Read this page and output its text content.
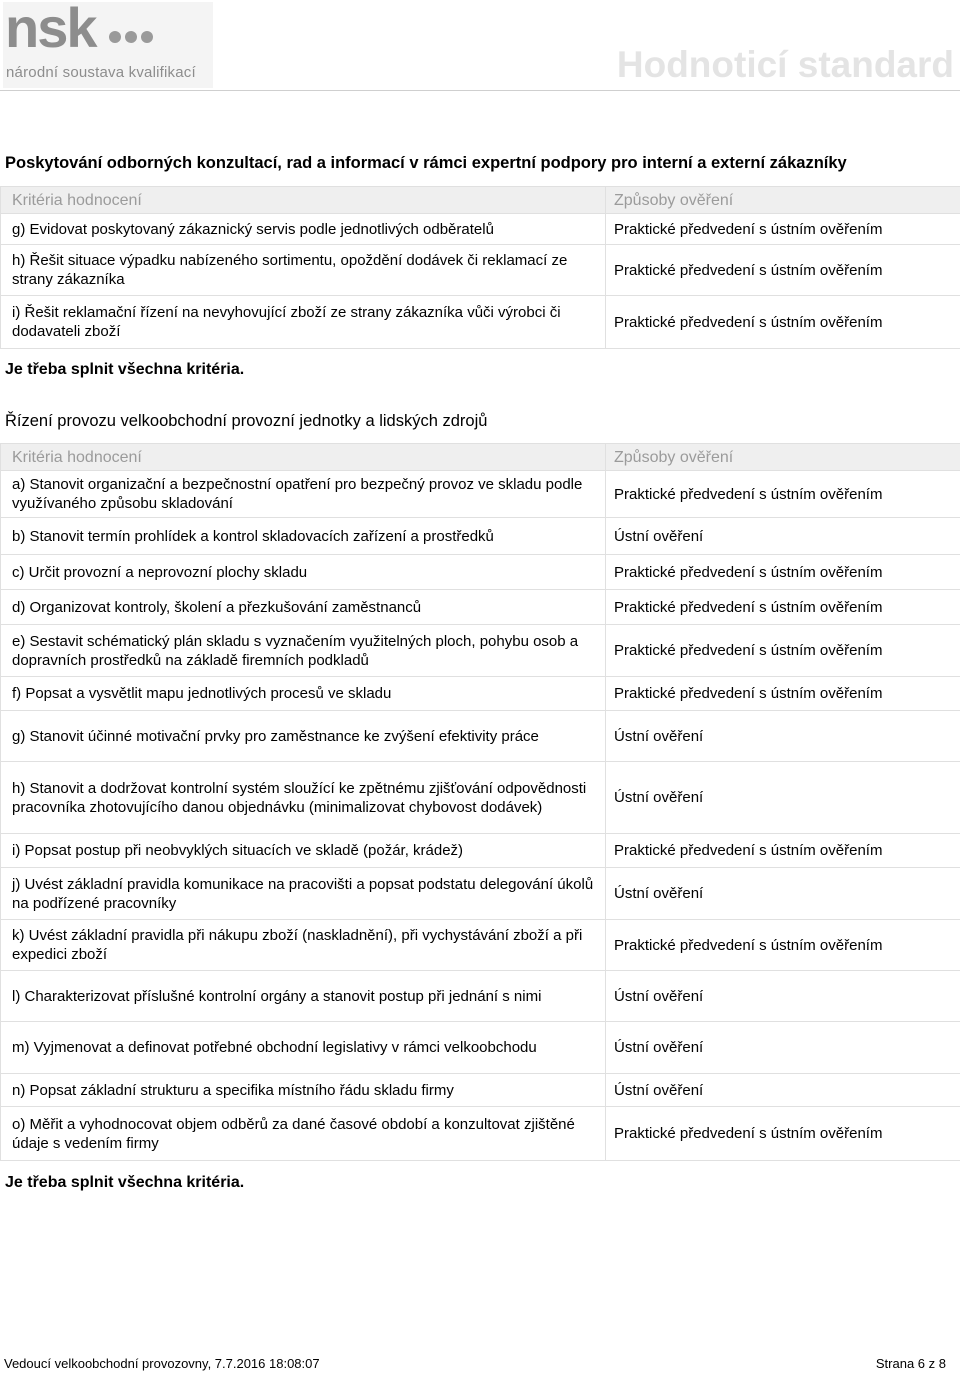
nsk
národní soustava kvalifikací	Hodnoticí standard
Poskytování odborných konzultací, rad a informací v rámci expertní podpory pro interní a externí zákazníky
Kritéria hodnocení	Způsoby ověření
g) Evidovat poskytovaný zákaznický servis podle jednotlivých odběratelů	Praktické předvedení s ústním ověřením
h) Řešit situace výpadku nabízeného sortimentu, opoždění dodávek či reklamací ze strany zákazníka	Praktické předvedení s ústním ověřením
i) Řešit reklamační řízení na nevyhovující zboží ze strany zákazníka vůči výrobci či dodavateli zboží	Praktické předvedení s ústním ověřením
Je třeba splnit všechna kritéria.
Řízení provozu velkoobchodní provozní jednotky a lidských zdrojů
Kritéria hodnocení	Způsoby ověření
a) Stanovit organizační a bezpečnostní opatření pro bezpečný provoz ve skladu podle využívaného způsobu skladování	Praktické předvedení s ústním ověřením
b) Stanovit termín prohlídek a kontrol skladovacích zařízení a prostředků	Ústní ověření
c) Určit provozní a neprovozní plochy skladu	Praktické předvedení s ústním ověřením
d) Organizovat kontroly, školení a přezkušování zaměstnanců	Praktické předvedení s ústním ověřením
e) Sestavit schématický plán skladu s vyznačením využitelných ploch, pohybu osob a dopravních prostředků na základě firemních podkladů	Praktické předvedení s ústním ověřením
f) Popsat a vysvětlit mapu jednotlivých procesů ve skladu	Praktické předvedení s ústním ověřením
g) Stanovit účinné motivační prvky pro zaměstnance ke zvýšení efektivity práce	Ústní ověření
h) Stanovit a dodržovat kontrolní systém sloužící ke zpětnému zjišťování odpovědnosti pracovníka zhotovujícího danou objednávku (minimalizovat chybovost dodávek)	Ústní ověření
i) Popsat postup při neobvyklých situacích ve skladě (požár, krádež)	Praktické předvedení s ústním ověřením
j) Uvést základní pravidla komunikace na pracovišti a popsat podstatu delegování úkolů na podřízené pracovníky	Ústní ověření
k) Uvést základní pravidla při nákupu zboží (naskladnění), při vychystávání zboží a při expedici zboží	Praktické předvedení s ústním ověřením
l) Charakterizovat příslušné kontrolní orgány a stanovit postup při jednání s nimi	Ústní ověření
m) Vyjmenovat a definovat potřebné obchodní legislativy v rámci velkoobchodu	Ústní ověření
n) Popsat základní strukturu a specifika místního řádu skladu firmy	Ústní ověření
o) Měřit a vyhodnocovat objem odběrů za dané časové období a konzultovat zjištěné údaje s vedením firmy	Praktické předvedení s ústním ověřením
Je třeba splnit všechna kritéria.
Vedoucí velkoobchodní provozovny, 7.7.2016 18:08:07	Strana 6 z 8
